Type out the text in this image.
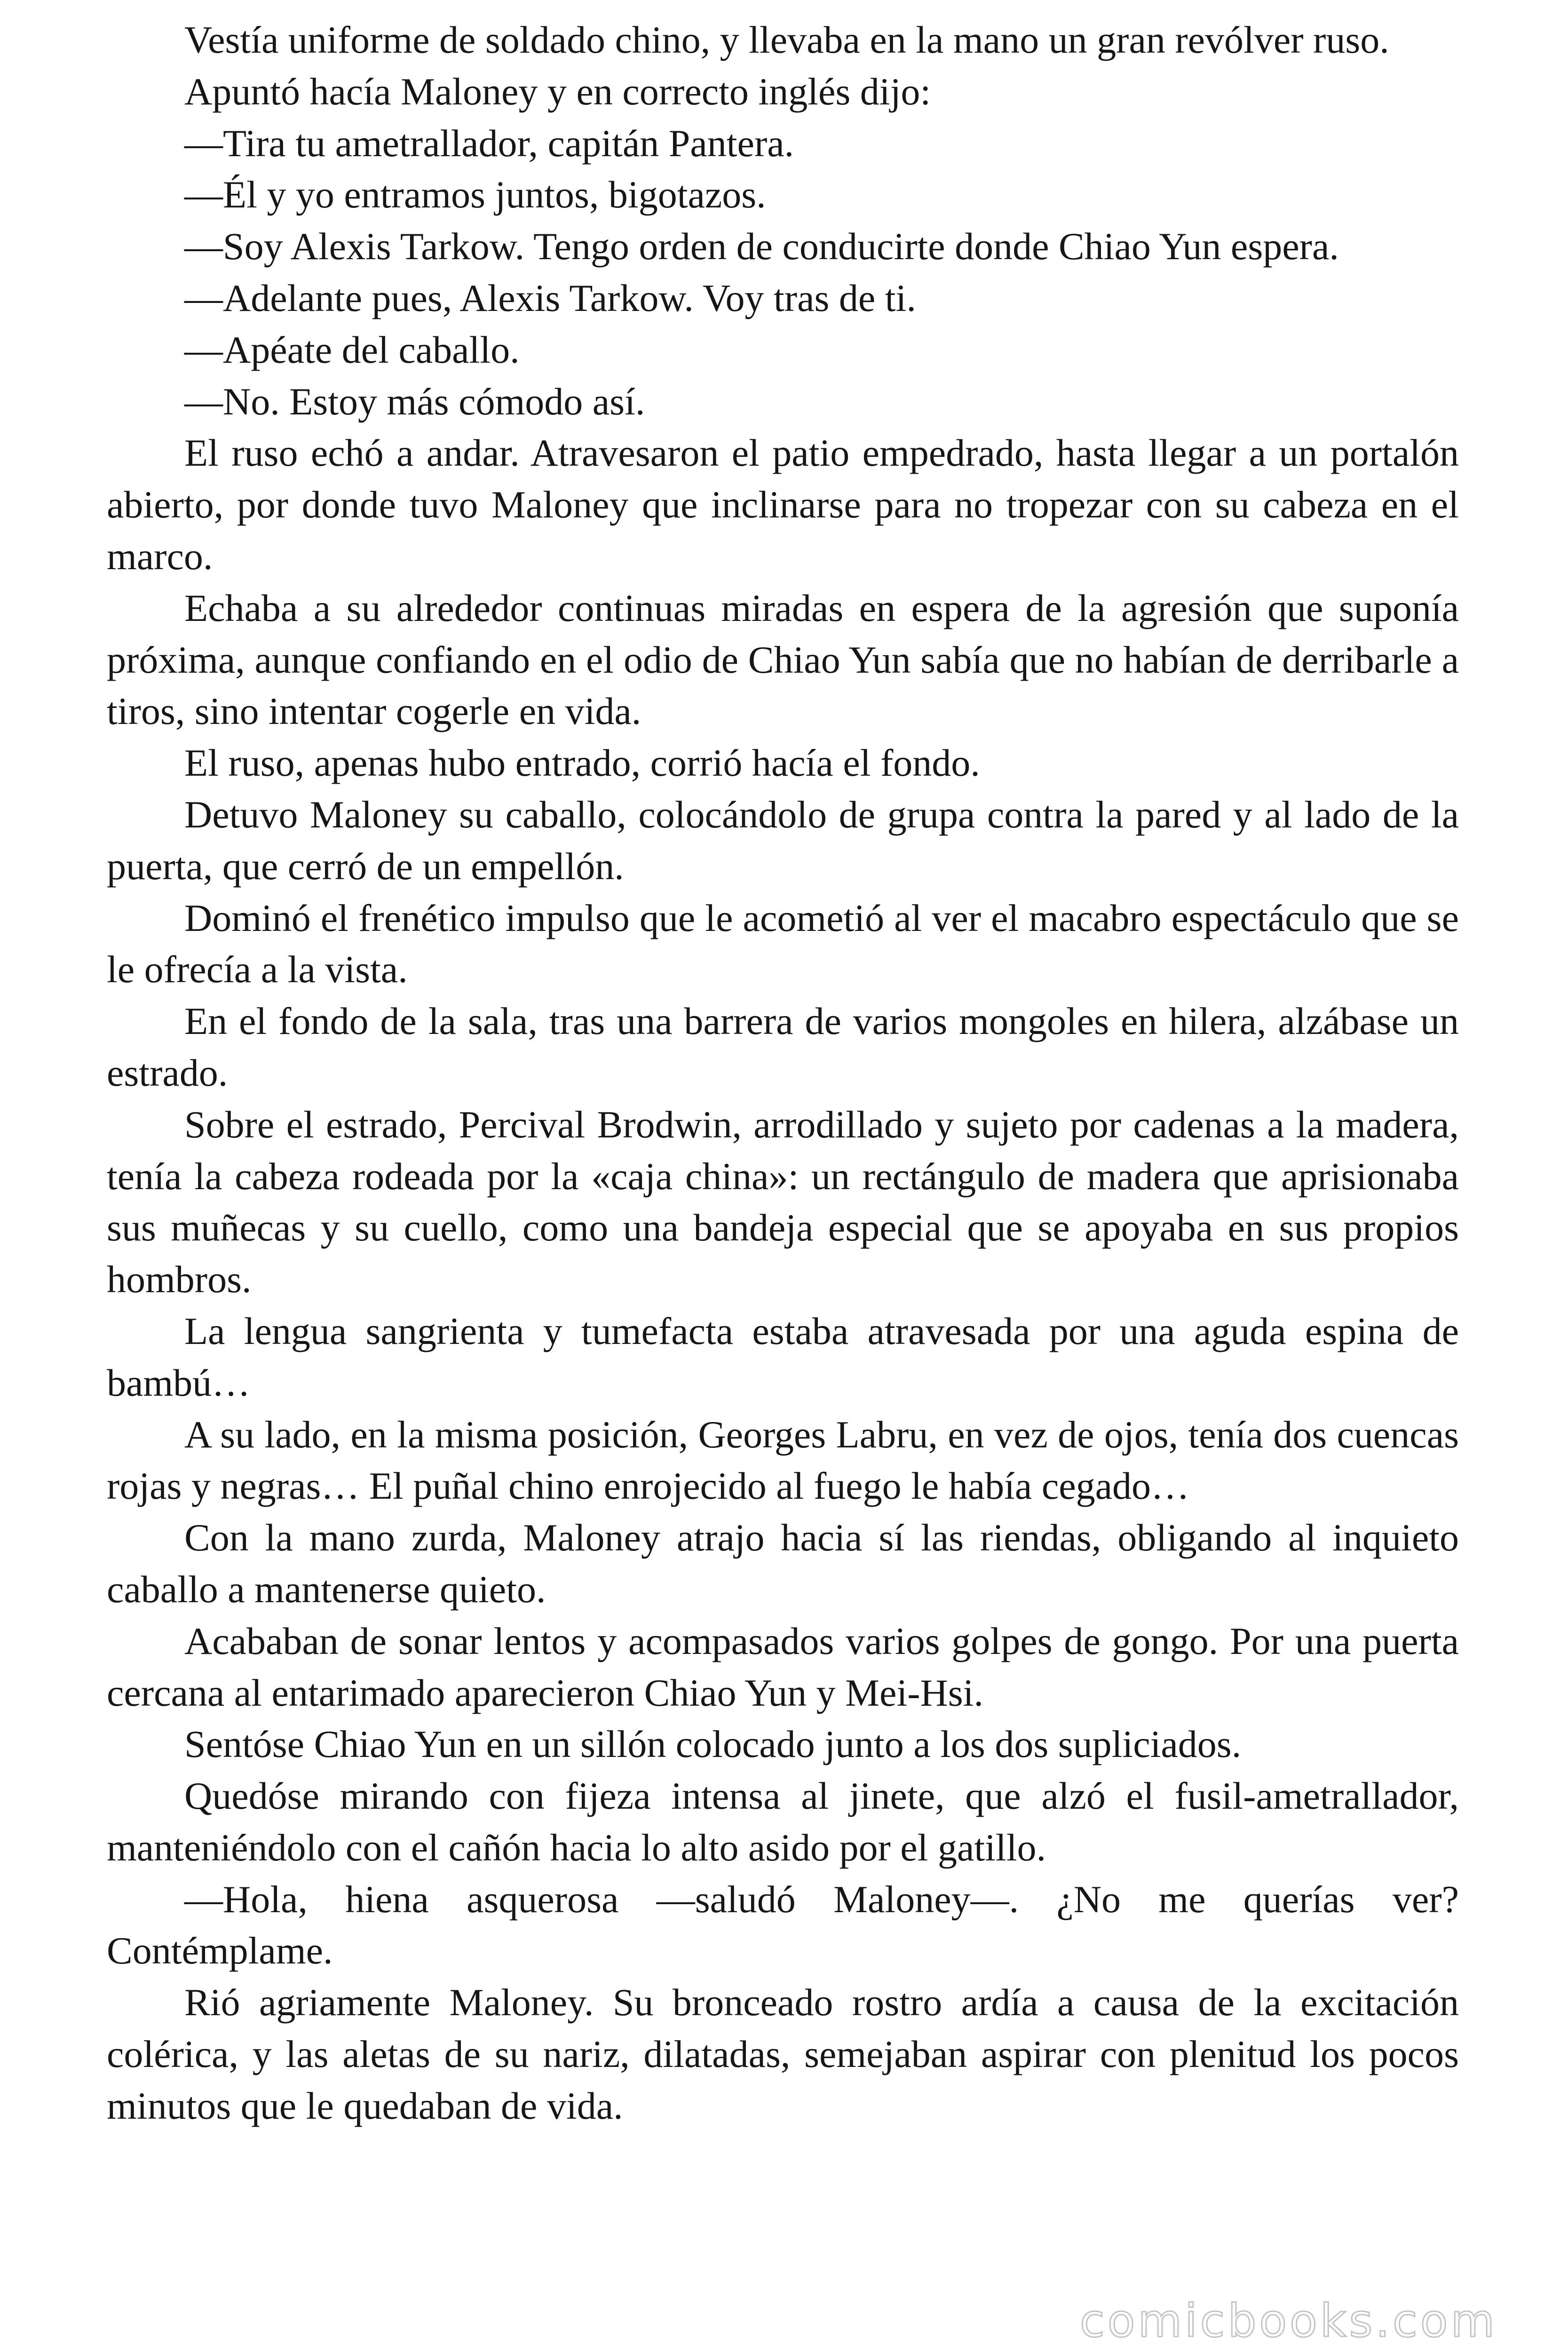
Vestía uniforme de soldado chino, y llevaba en la mano un gran revólver ruso.

Apuntó hacía Maloney y en correcto inglés dijo:

—Tira tu ametrallador, capitán Pantera.

—Él y yo entramos juntos, bigotazos.

—Soy Alexis Tarkow. Tengo orden de conducirte donde Chiao Yun espera.

—Adelante pues, Alexis Tarkow. Voy tras de ti.

—Apéate del caballo.

—No. Estoy más cómodo así.

El ruso echó a andar. Atravesaron el patio empedrado, hasta llegar a un portalón abierto, por donde tuvo Maloney que inclinarse para no tropezar con su cabeza en el marco.

Echaba a su alrededor continuas miradas en espera de la agresión que suponía próxima, aunque confiando en el odio de Chiao Yun sabía que no habían de derribarle a tiros, sino intentar cogerle en vida.

El ruso, apenas hubo entrado, corrió hacía el fondo.

Detuvo Maloney su caballo, colocándolo de grupa contra la pared y al lado de la puerta, que cerró de un empellón.

Dominó el frenético impulso que le acometió al ver el macabro espectáculo que se le ofrecía a la vista.

En el fondo de la sala, tras una barrera de varios mongoles en hilera, alzábase un estrado.

Sobre el estrado, Percival Brodwin, arrodillado y sujeto por cadenas a la madera, tenía la cabeza rodeada por la «caja china»: un rectángulo de madera que aprisionaba sus muñecas y su cuello, como una bandeja especial que se apoyaba en sus propios hombros.

La lengua sangrienta y tumefacta estaba atravesada por una aguda espina de bambú…

A su lado, en la misma posición, Georges Labru, en vez de ojos, tenía dos cuencas rojas y negras… El puñal chino enrojecido al fuego le había cegado…

Con la mano zurda, Maloney atrajo hacia sí las riendas, obligando al inquieto caballo a mantenerse quieto.

Acababan de sonar lentos y acompasados varios golpes de gongo. Por una puerta cercana al entarimado aparecieron Chiao Yun y Mei-Hsi.

Sentóse Chiao Yun en un sillón colocado junto a los dos supliciados.

Quedóse mirando con fijeza intensa al jinete, que alzó el fusil-ametrallador, manteniéndolo con el cañón hacia lo alto asido por el gatillo.

—Hola, hiena asquerosa —saludó Maloney—. ¿No me querías ver? Contémplame.

Rió agriamente Maloney. Su bronceado rostro ardía a causa de la excitación colérica, y las aletas de su nariz, dilatadas, semejaban aspirar con plenitud los pocos minutos que le quedaban de vida.

comicbooks.com
